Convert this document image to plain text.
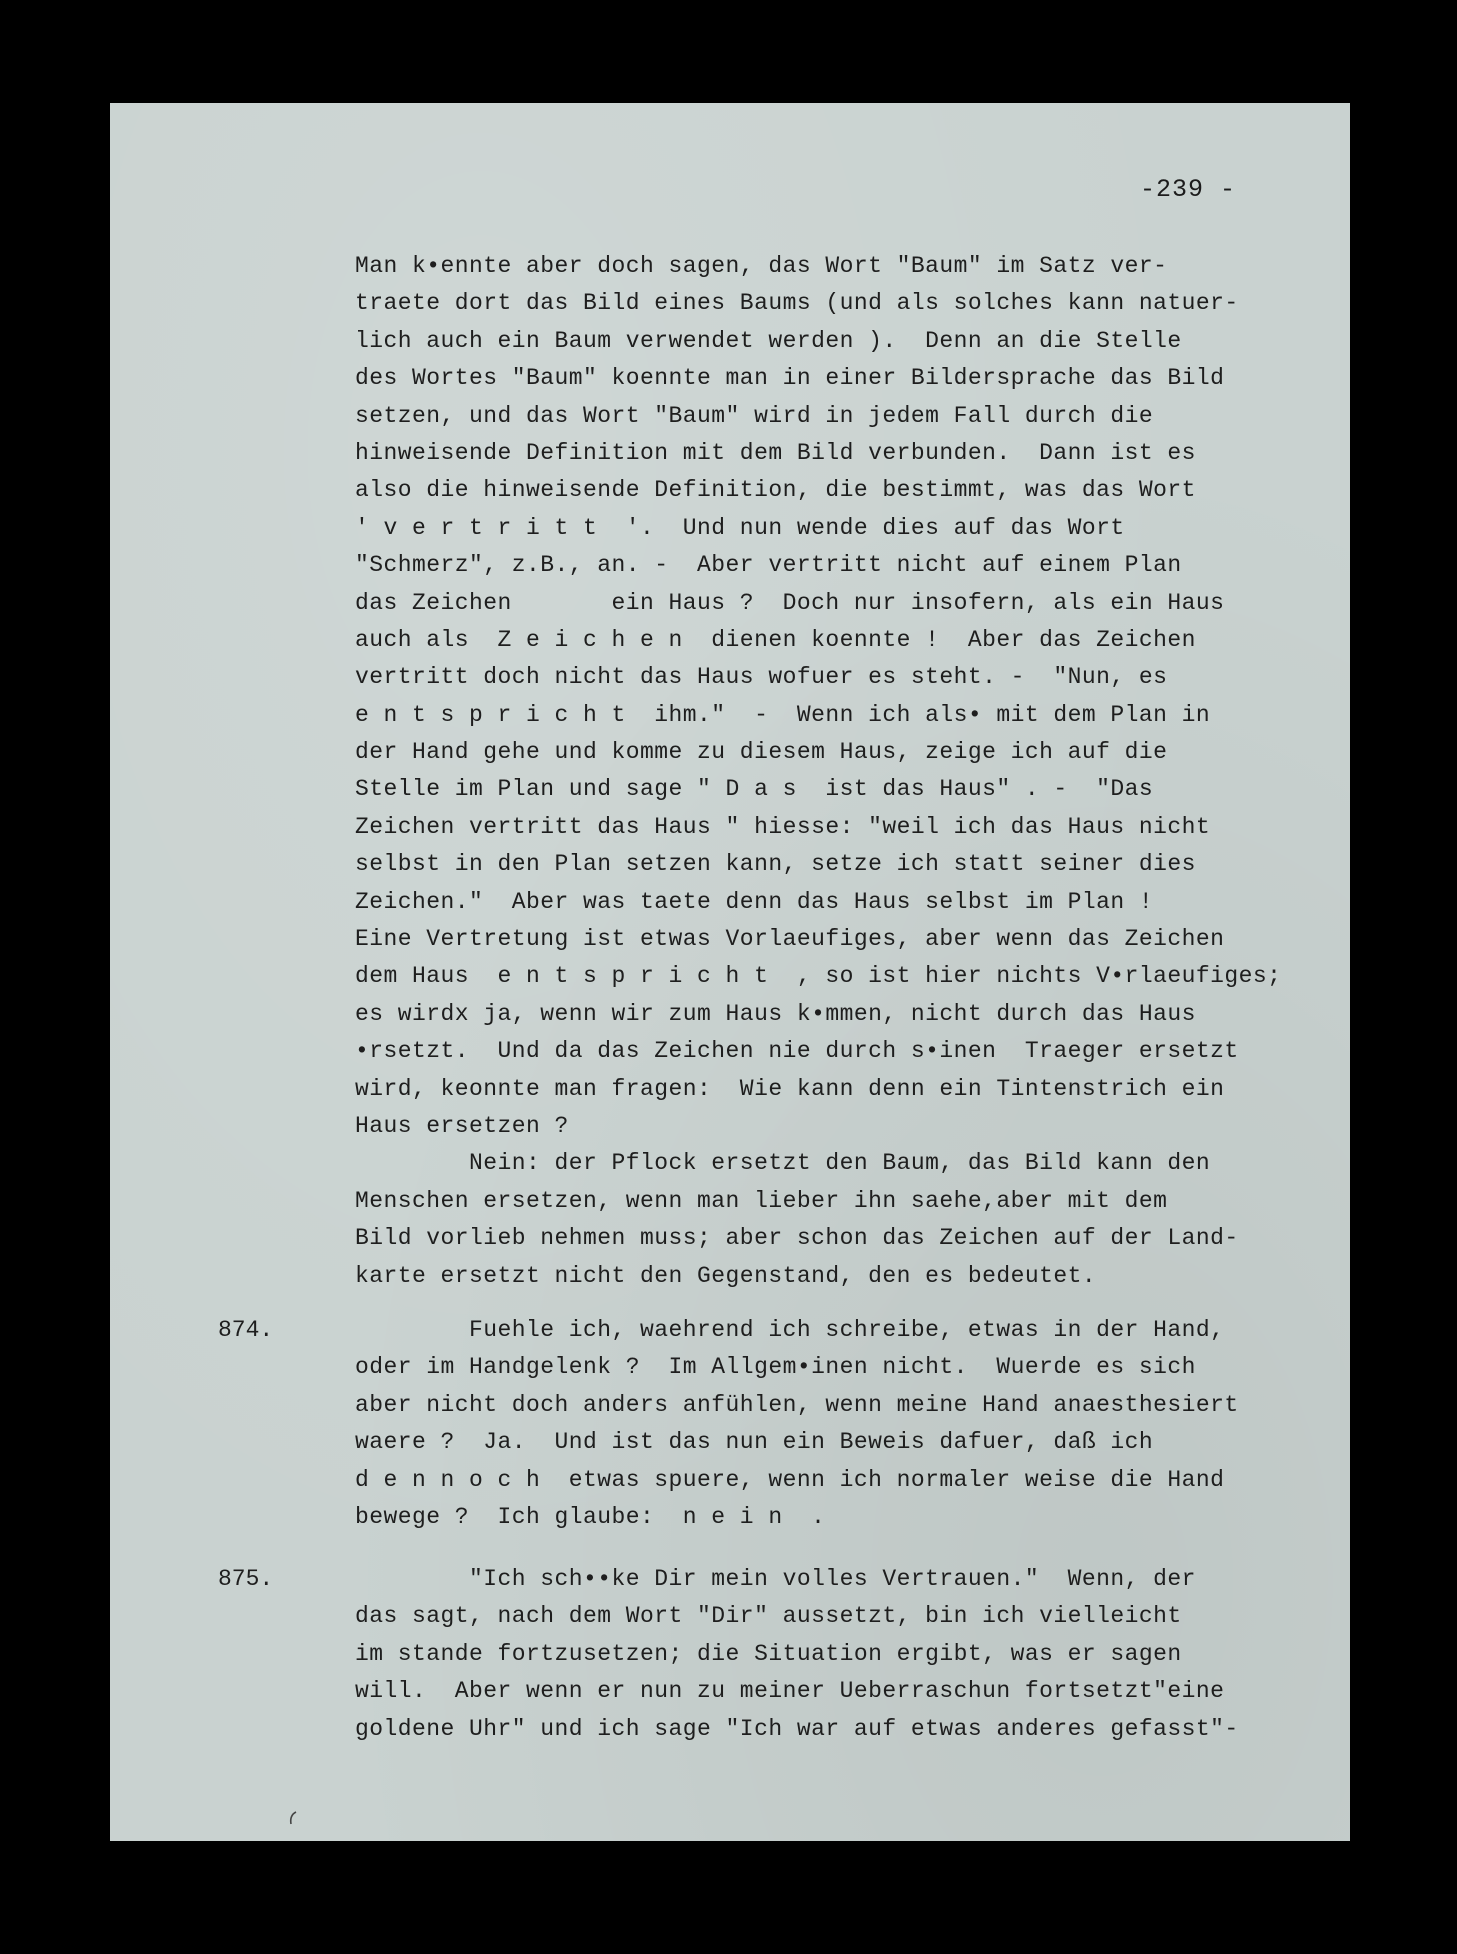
-239 -

Man k•ennte aber doch sagen, das Wort "Baum" im Satz ver-

traete dort das Bild eines Baums (und als solches kann natuer-

lich auch ein Baum verwendet werden ).  Denn an die Stelle

des Wortes "Baum" koennte man in einer Bildersprache das Bild

setzen, und das Wort "Baum" wird in jedem Fall durch die

hinweisende Definition mit dem Bild verbunden.  Dann ist es

also die hinweisende Definition, die bestimmt, was das Wort

' v e r t r i t t  '.  Und nun wende dies auf das Wort

"Schmerz", z.B., an. -  Aber vertritt nicht auf einem Plan

das Zeichen       ein Haus ?  Doch nur insofern, als ein Haus

auch als  Z e i c h e n  dienen koennte !  Aber das Zeichen

vertritt doch nicht das Haus wofuer es steht. -  "Nun, es

e n t s p r i c h t  ihm."  -  Wenn ich als• mit dem Plan in

der Hand gehe und komme zu diesem Haus, zeige ich auf die

Stelle im Plan und sage " D a s  ist das Haus" . -  "Das

Zeichen vertritt das Haus " hiesse: "weil ich das Haus nicht

selbst in den Plan setzen kann, setze ich statt seiner dies

Zeichen."  Aber was taete denn das Haus selbst im Plan !

Eine Vertretung ist etwas Vorlaeufiges, aber wenn das Zeichen

dem Haus  e n t s p r i c h t  , so ist hier nichts V•rlaeufiges;

es wirdx ja, wenn wir zum Haus k•mmen, nicht durch das Haus

•rsetzt.  Und da das Zeichen nie durch s•inen  Traeger ersetzt

wird, keonnte man fragen:  Wie kann denn ein Tintenstrich ein

Haus ersetzen ?

Nein: der Pflock ersetzt den Baum, das Bild kann den

Menschen ersetzen, wenn man lieber ihn saehe,aber mit dem

Bild vorlieb nehmen muss; aber schon das Zeichen auf der Land-

karte ersetzt nicht den Gegenstand, den es bedeutet.

874.	Fuehle ich, waehrend ich schreibe, etwas in der Hand,

oder im Handgelenk ?  Im Allgem•inen nicht.  Wuerde es sich

aber nicht doch anders anfühlen, wenn meine Hand anaesthesiert

waere ?  Ja.  Und ist das nun ein Beweis dafuer, daß ich

d e n n o c h  etwas spuere, wenn ich normaler weise die Hand

bewege ?  Ich glaube:  n e i n  .

875.	"Ich sch••ke Dir mein volles Vertrauen."  Wenn, der

das sagt, nach dem Wort "Dir" aussetzt, bin ich vielleicht

im stande fortzusetzen; die Situation ergibt, was er sagen

will.  Aber wenn er nun zu meiner Ueberraschun fortsetzt"eine

goldene Uhr" und ich sage "Ich war auf etwas anderes gefasst"-
